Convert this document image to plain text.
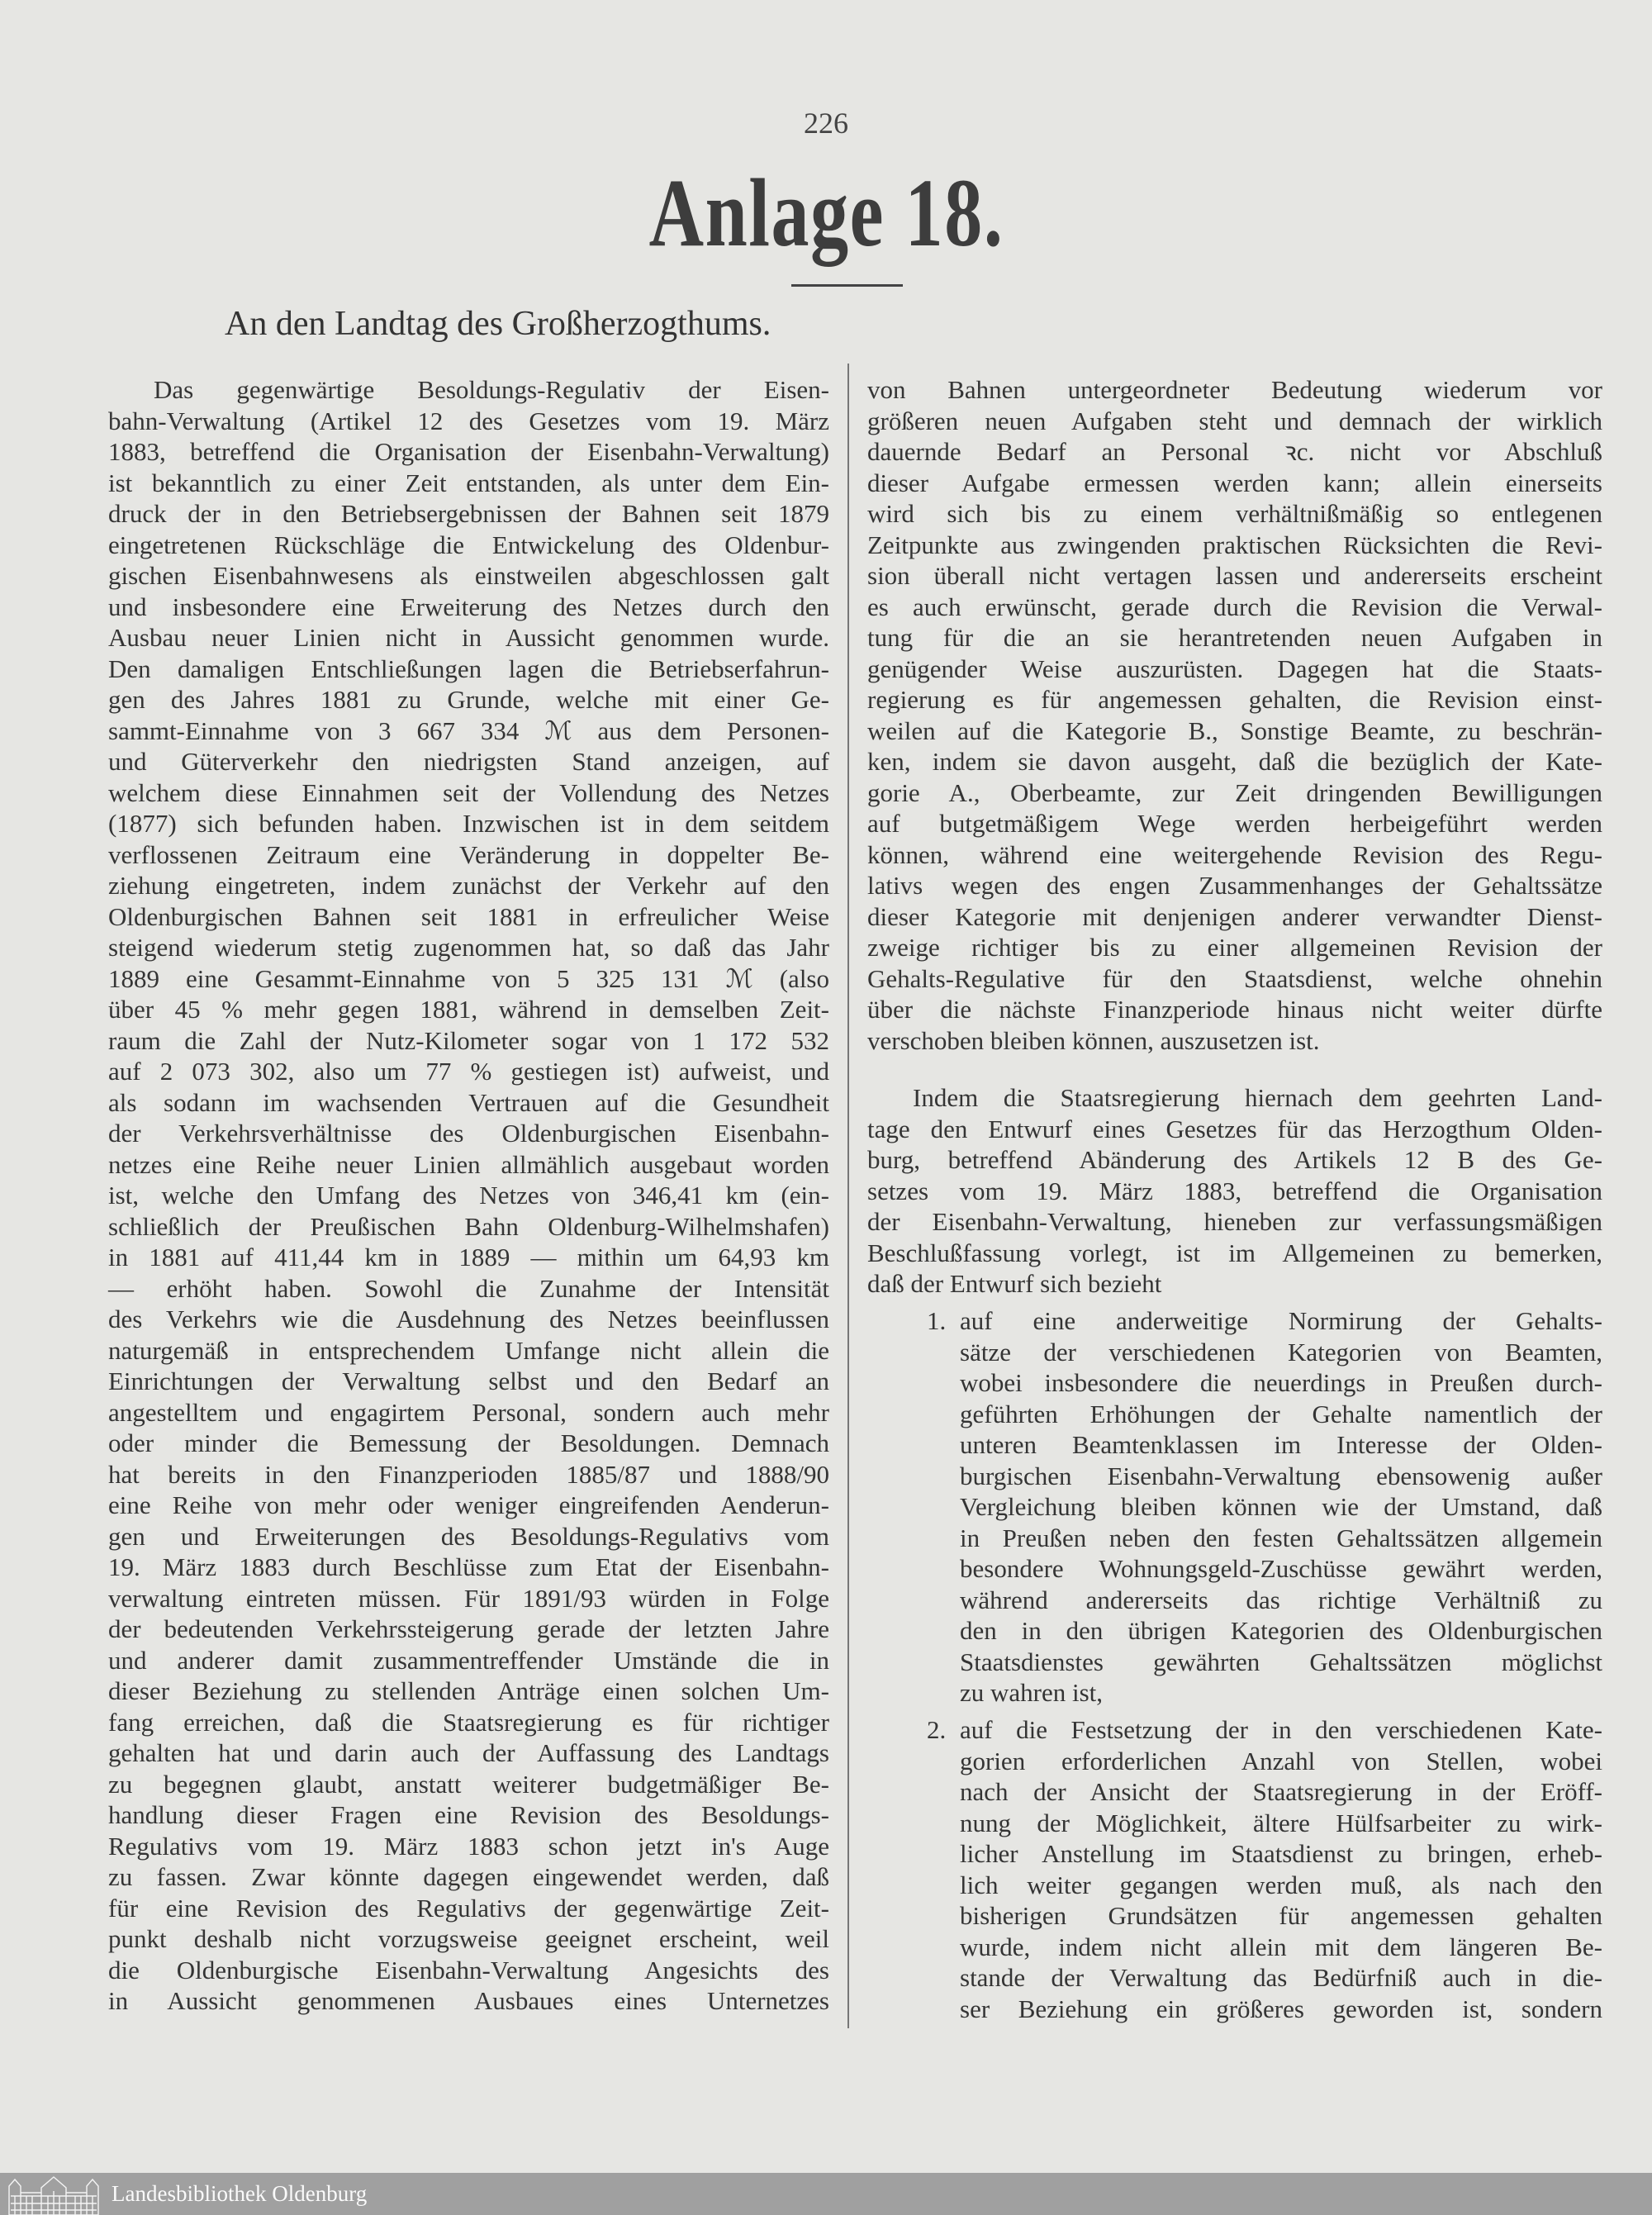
226
Anlage 18.
An den Landtag des Großherzogthums.
Das gegenwärtige Besoldungs-Regulativ der Eisen-
bahn-Verwaltung (Artikel 12 des Gesetzes vom 19. März
1883, betreffend die Organisation der Eisenbahn-Verwaltung)
ist bekanntlich zu einer Zeit entstanden, als unter dem Ein-
druck der in den Betriebsergebnissen der Bahnen seit 1879
eingetretenen Rückschläge die Entwickelung des Oldenbur-
gischen Eisenbahnwesens als einstweilen abgeschlossen galt
und insbesondere eine Erweiterung des Netzes durch den
Ausbau neuer Linien nicht in Aussicht genommen wurde.
Den damaligen Entschließungen lagen die Betriebserfahrun-
gen des Jahres 1881 zu Grunde, welche mit einer Ge-
sammt-Einnahme von 3 667 334 ℳ aus dem Personen-
und Güterverkehr den niedrigsten Stand anzeigen, auf
welchem diese Einnahmen seit der Vollendung des Netzes
(1877) sich befunden haben. Inzwischen ist in dem seitdem
verflossenen Zeitraum eine Veränderung in doppelter Be-
ziehung eingetreten, indem zunächst der Verkehr auf den
Oldenburgischen Bahnen seit 1881 in erfreulicher Weise
steigend wiederum stetig zugenommen hat, so daß das Jahr
1889 eine Gesammt-Einnahme von 5 325 131 ℳ (also
über 45 % mehr gegen 1881, während in demselben Zeit-
raum die Zahl der Nutz-Kilometer sogar von 1 172 532
auf 2 073 302, also um 77 % gestiegen ist) aufweist, und
als sodann im wachsenden Vertrauen auf die Gesundheit
der Verkehrsverhältnisse des Oldenburgischen Eisenbahn-
netzes eine Reihe neuer Linien allmählich ausgebaut worden
ist, welche den Umfang des Netzes von 346,41 km (ein-
schließlich der Preußischen Bahn Oldenburg-Wilhelmshafen)
in 1881 auf 411,44 km in 1889 — mithin um 64,93 km
— erhöht haben. Sowohl die Zunahme der Intensität
des Verkehrs wie die Ausdehnung des Netzes beeinflussen
naturgemäß in entsprechendem Umfange nicht allein die
Einrichtungen der Verwaltung selbst und den Bedarf an
angestelltem und engagirtem Personal, sondern auch mehr
oder minder die Bemessung der Besoldungen. Demnach
hat bereits in den Finanzperioden 1885/87 und 1888/90
eine Reihe von mehr oder weniger eingreifenden Aenderun-
gen und Erweiterungen des Besoldungs-Regulativs vom
19. März 1883 durch Beschlüsse zum Etat der Eisenbahn-
verwaltung eintreten müssen. Für 1891/93 würden in Folge
der bedeutenden Verkehrssteigerung gerade der letzten Jahre
und anderer damit zusammentreffender Umstände die in
dieser Beziehung zu stellenden Anträge einen solchen Um-
fang erreichen, daß die Staatsregierung es für richtiger
gehalten hat und darin auch der Auffassung des Landtags
zu begegnen glaubt, anstatt weiterer budgetmäßiger Be-
handlung dieser Fragen eine Revision des Besoldungs-
Regulativs vom 19. März 1883 schon jetzt in's Auge
zu fassen. Zwar könnte dagegen eingewendet werden, daß
für eine Revision des Regulativs der gegenwärtige Zeit-
punkt deshalb nicht vorzugsweise geeignet erscheint, weil
die Oldenburgische Eisenbahn-Verwaltung Angesichts des
in Aussicht genommenen Ausbaues eines Unternetzes
von Bahnen untergeordneter Bedeutung wiederum vor
größeren neuen Aufgaben steht und demnach der wirklich
dauernde Bedarf an Personal ꝛc. nicht vor Abschluß
dieser Aufgabe ermessen werden kann; allein einerseits
wird sich bis zu einem verhältnißmäßig so entlegenen
Zeitpunkte aus zwingenden praktischen Rücksichten die Revi-
sion überall nicht vertagen lassen und andererseits erscheint
es auch erwünscht, gerade durch die Revision die Verwal-
tung für die an sie herantretenden neuen Aufgaben in
genügender Weise auszurüsten. Dagegen hat die Staats-
regierung es für angemessen gehalten, die Revision einst-
weilen auf die Kategorie B., Sonstige Beamte, zu beschrän-
ken, indem sie davon ausgeht, daß die bezüglich der Kate-
gorie A., Oberbeamte, zur Zeit dringenden Bewilligungen
auf butgetmäßigem Wege werden herbeigeführt werden
können, während eine weitergehende Revision des Regu-
lativs wegen des engen Zusammenhanges der Gehaltssätze
dieser Kategorie mit denjenigen anderer verwandter Dienst-
zweige richtiger bis zu einer allgemeinen Revision der
Gehalts-Regulative für den Staatsdienst, welche ohnehin
über die nächste Finanzperiode hinaus nicht weiter dürfte
verschoben bleiben können, auszusetzen ist.
Indem die Staatsregierung hiernach dem geehrten Land-
tage den Entwurf eines Gesetzes für das Herzogthum Olden-
burg, betreffend Abänderung des Artikels 12 B des Ge-
setzes vom 19. März 1883, betreffend die Organisation
der Eisenbahn-Verwaltung, hieneben zur verfassungsmäßigen
Beschlußfassung vorlegt, ist im Allgemeinen zu bemerken,
daß der Entwurf sich bezieht
1. auf eine anderweitige Normirung der Gehalts-
sätze der verschiedenen Kategorien von Beamten,
wobei insbesondere die neuerdings in Preußen durch-
geführten Erhöhungen der Gehalte namentlich der
unteren Beamtenklassen im Interesse der Olden-
burgischen Eisenbahn-Verwaltung ebensowenig außer
Vergleichung bleiben können wie der Umstand, daß
in Preußen neben den festen Gehaltssätzen allgemein
besondere Wohnungsgeld-Zuschüsse gewährt werden,
während andererseits das richtige Verhältniß zu
den in den übrigen Kategorien des Oldenburgischen
Staatsdienstes gewährten Gehaltssätzen möglichst
zu wahren ist,
2. auf die Festsetzung der in den verschiedenen Kate-
gorien erforderlichen Anzahl von Stellen, wobei
nach der Ansicht der Staatsregierung in der Eröff-
nung der Möglichkeit, ältere Hülfsarbeiter zu wirk-
licher Anstellung im Staatsdienst zu bringen, erheb-
lich weiter gegangen werden muß, als nach den
bisherigen Grundsätzen für angemessen gehalten
wurde, indem nicht allein mit dem längeren Be-
stande der Verwaltung das Bedürfniß auch in die-
ser Beziehung ein größeres geworden ist, sondern
Landesbibliothek Oldenburg
